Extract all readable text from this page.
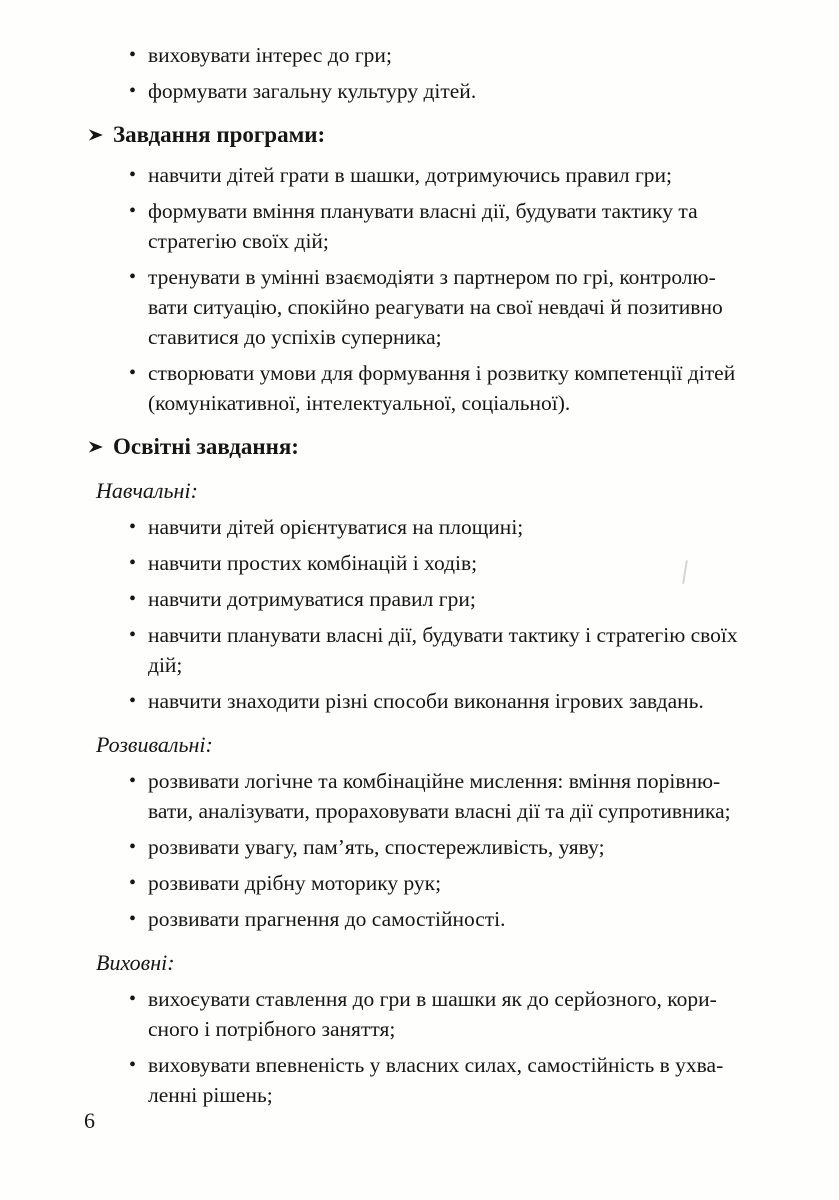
• виховувати інтерес до гри;
• формувати загальну культуру дітей.
Завдання програми:
• навчити дітей грати в шашки, дотримуючись правил гри;
• формувати вміння планувати власні дії, будувати тактику та
стратегію своїх дій;
• тренувати в умінні взаємодіяти з партнером по грі, контролю-
вати ситуацію, спокійно реагувати на свої невдачі й позитивно
ставитися до успіхів суперника;
• створювати умови для формування і розвитку компетенції дітей
(комунікативної, інтелектуальної, соціальної).
Освітні завдання:
Навчальні:
• навчити дітей орієнтуватися на площині;
• навчити простих комбінацій і ходів;
• навчити дотримуватися правил гри;
• навчити планувати власні дії, будувати тактику і стратегію своїх
дій;
• навчити знаходити різні способи виконання ігрових завдань.
Розвивальні:
• розвивати логічне та комбінаційне мислення: вміння порівню-
вати, аналізувати, прораховувати власні дії та дії супротивника;
• розвивати увагу, пам’ять, спостережливість, уяву;
• розвивати дрібну моторику рук;
• розвивати прагнення до самостійності.
Виховні:
• вихоєувати ставлення до гри в шашки як до серйозного, кори-
сного і потрібного заняття;
• виховувати впевненість у власних силах, самостійність в ухва-
ленні рішень;
6
